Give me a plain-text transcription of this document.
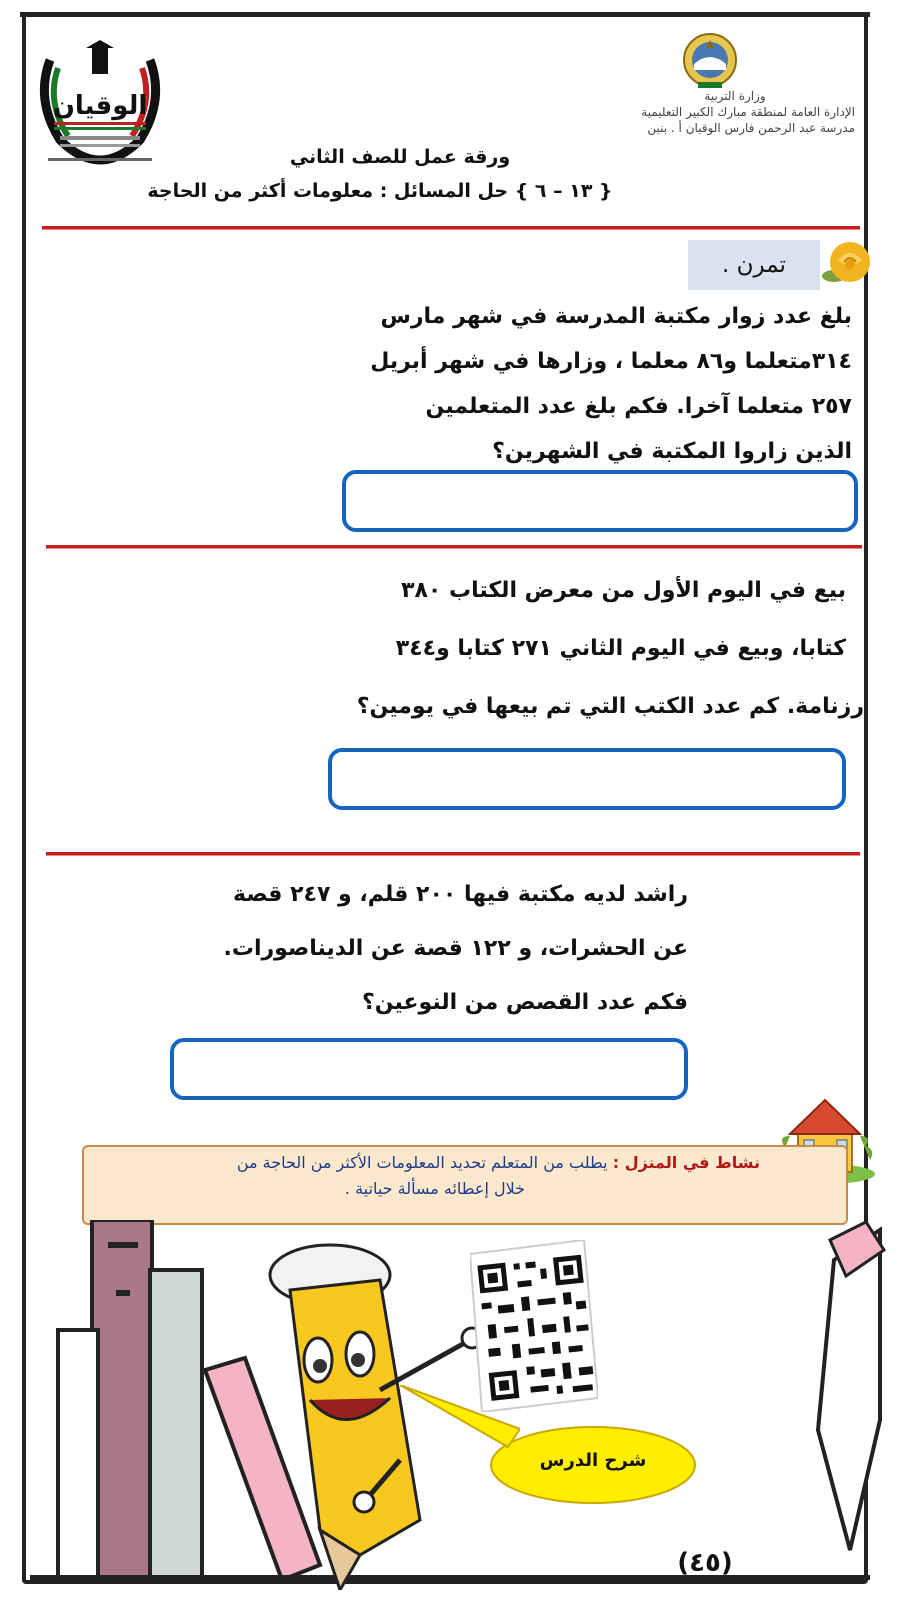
الوقيان	وزارة التربية
الإدارة العامة لمنطقة مبارك الكبير التعليمية
مدرسة عبد الرحمن فارس الوقيان أ . بنين
ورقة عمل للصف الثاني
{ ١٣ – ٦ } حل المسائل : معلومات أكثر من الحاجة
تمرن .
بلغ عدد زوار مكتبة المدرسة في شهر مارس
٣١٤متعلما و٨٦ معلما ، وزارها في شهر أبريل
٢٥٧ متعلما آخرا. فكم بلغ عدد المتعلمين
الذين زاروا المكتبة في الشهرين؟
بيع في اليوم الأول من معرض الكتاب ٣٨٠
كتابا، وبيع في اليوم الثاني ٢٧١ كتابا و٣٤٤
رزنامة. كم عدد الكتب التي تم بيعها في يومين؟
راشد لديه مكتبة فيها ٢٠٠ قلم، و ٢٤٧ قصة
عن الحشرات، و ١٢٢ قصة عن الديناصورات.
فكم عدد القصص من النوعين؟
نشاط في المنزل : يطلب من المتعلم تحديد المعلومات الأكثر من الحاجة من
خلال إعطائه مسألة حياتية .
شرح الدرس
(٤٥)
